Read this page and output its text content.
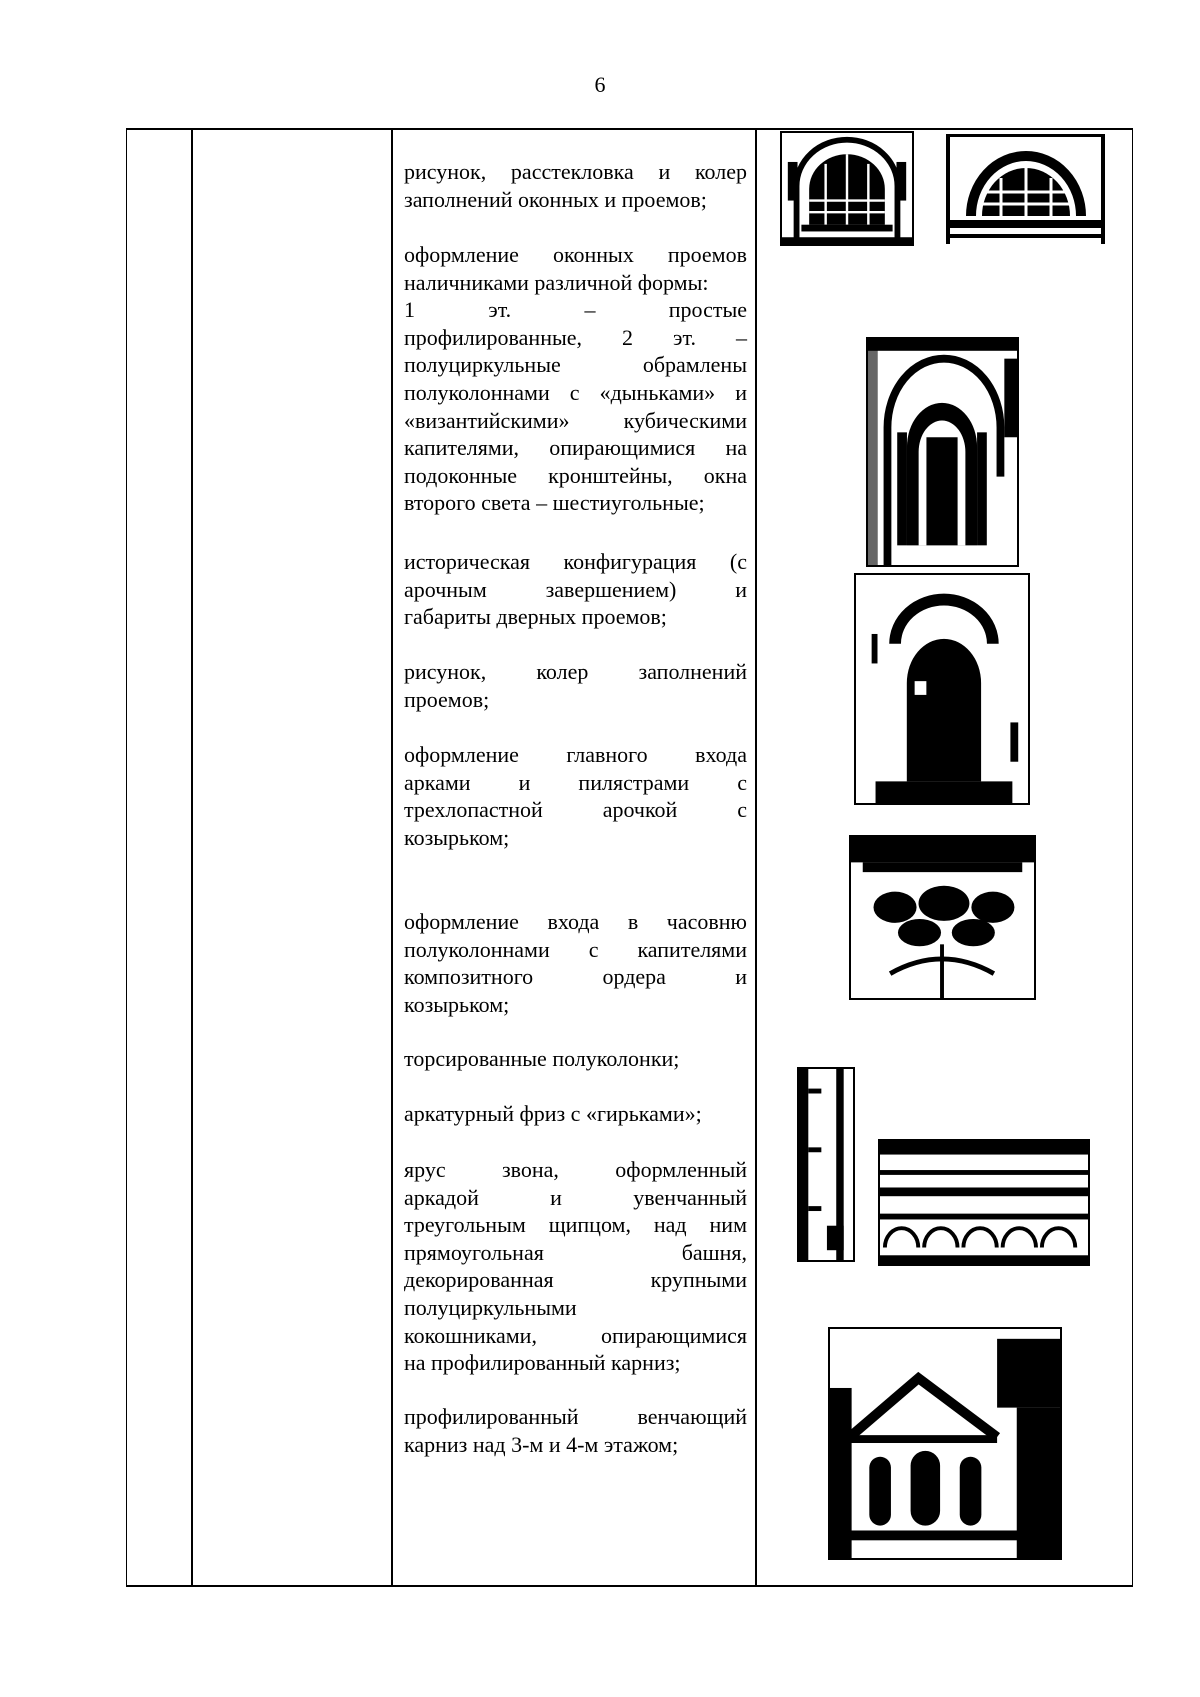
6
рисунок, расстекловка и колер
заполнений оконных и проемов;
оформление оконных проемов
наличниками различной формы:
1 эт. – простые
профилированные, 2 эт. –
полуциркульные обрамлены
полуколоннами с «дыньками» и
«византийскими» кубическими
капителями, опирающимися на
подоконные кронштейны, окна
второго света – шестиугольные;
историческая конфигурация (с
арочным завершением) и
габариты дверных проемов;
рисунок, колер заполнений
проемов;
оформление главного входа
арками и пилястрами с
трехлопастной арочкой с
козырьком;
оформление входа в часовню
полуколоннами с капителями
композитного ордера и
козырьком;
торсированные полуколонки;
аркатурный фриз с «гирьками»;
ярус звона, оформленный
аркадой и увенчанный
треугольным щипцом, над ним
прямоугольная башня,
декорированная крупными
полуциркульными
кокошниками, опирающимися
на профилированный карниз;
профилированный венчающий
карниз над 3-м и 4-м этажом;
